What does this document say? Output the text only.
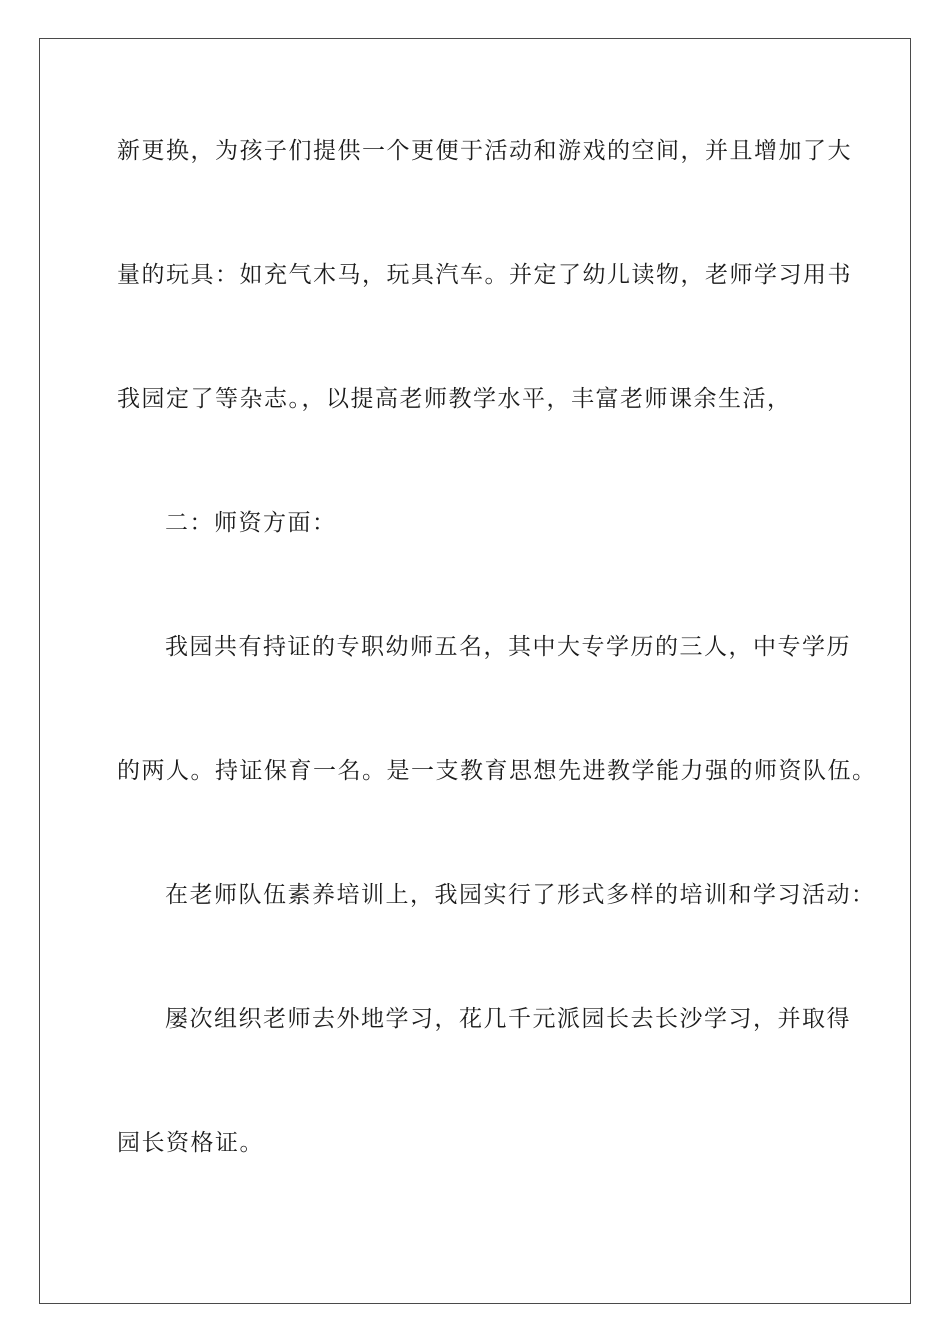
新更换，为孩子们提供一个更便于活动和游戏的空间，并且增加了大
量的玩具：如充气木马，玩具汽车。并定了幼儿读物，老师学习用书
我园定了等杂志。，以提高老师教学水平，丰富老师课余生活，
二：师资方面：
我园共有持证的专职幼师五名，其中大专学历的三人，中专学历
的两人。持证保育一名。是一支教育思想先进教学能力强的师资队伍。
在老师队伍素养培训上，我园实行了形式多样的培训和学习活动：
屡次组织老师去外地学习，花几千元派园长去长沙学习，并取得
园长资格证。
